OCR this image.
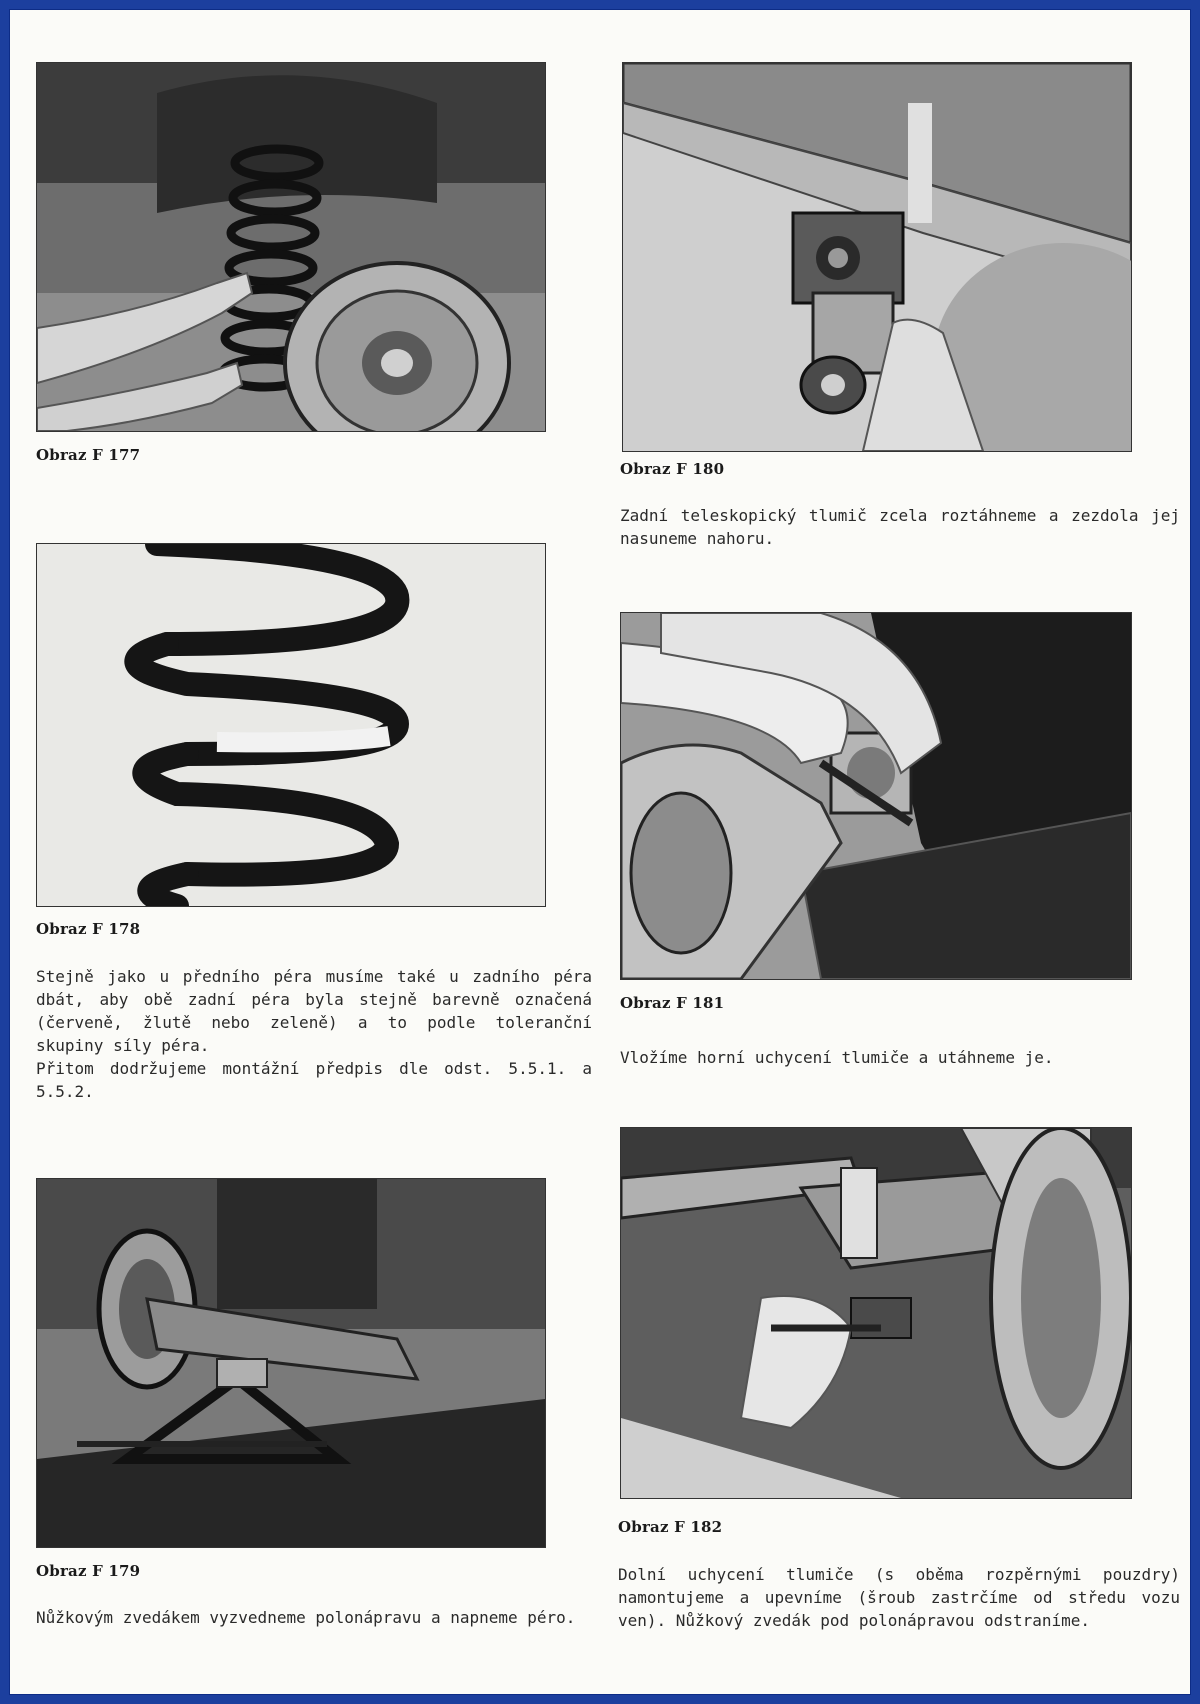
Obraz F 177
Obraz F 178

Stejně jako u předního péra musíme také u zadního péra dbát, aby obě zadní péra byla stejně barevně označená (červeně, žlutě nebo zeleně) a to podle toleranční skupiny síly péra.

Přitom dodržujeme montážní předpis dle odst. 5.5.1. a 5.5.2.

Obraz F 179
Nůžkovým zvedákem vyzvedneme polonápravu a napneme péro.
Obraz F 180
Zadní teleskopický tlumič zcela roztáhneme a zezdola jej nasuneme nahoru.
Obraz F 181
Vložíme horní uchycení tlumiče a utáhneme je.
Obraz F 182
Dolní uchycení tlumiče (s oběma rozpěrnými pouzdry) namontujeme a upevníme (šroub zastrčíme od středu vozu ven). Nůžkový zvedák pod polonápravou odstraníme.
